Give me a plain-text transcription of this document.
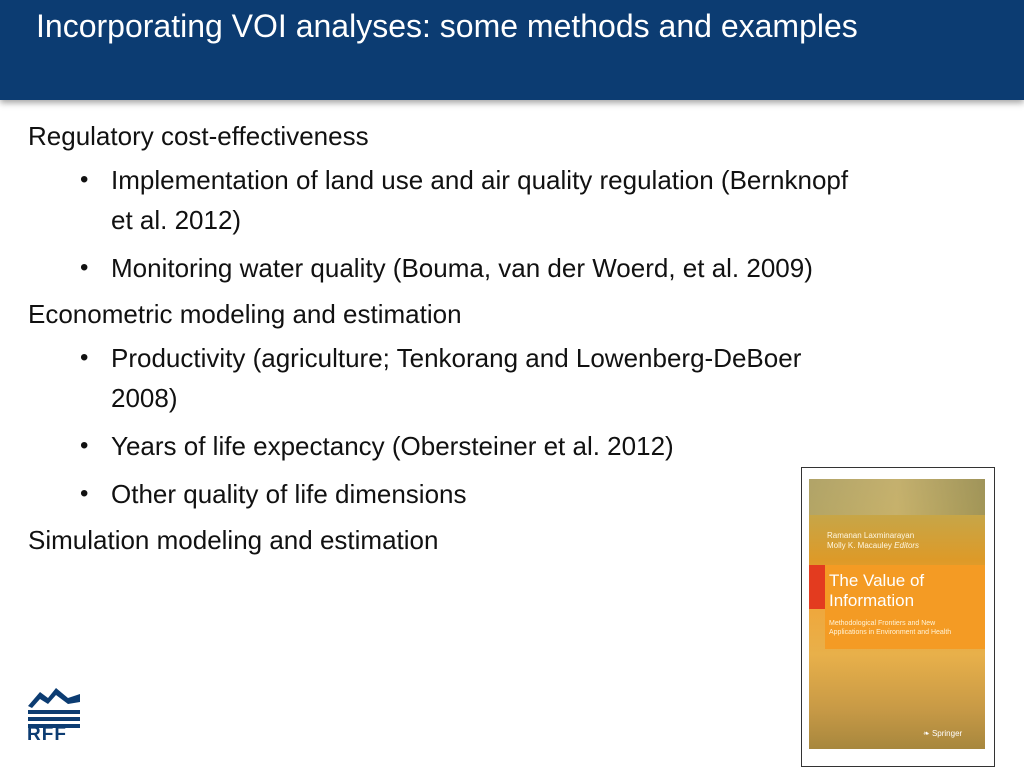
Incorporating VOI analyses: some methods and examples
Regulatory cost-effectiveness
• Implementation of land use and air quality regulation (Bernknopf et al. 2012)
• Monitoring water quality (Bouma, van der Woerd, et al. 2009)
Econometric modeling and estimation
• Productivity (agriculture; Tenkorang and Lowenberg-DeBoer 2008)
• Years of life expectancy (Obersteiner et al. 2012)
• Other quality of life dimensions
Simulation modeling and estimation	Ramanan Laxminarayan
Molly K. Macauley Editors
The Value of
Information
Methodological Frontiers and New
Applications in Environment and Health
❧ Springer
RFF
